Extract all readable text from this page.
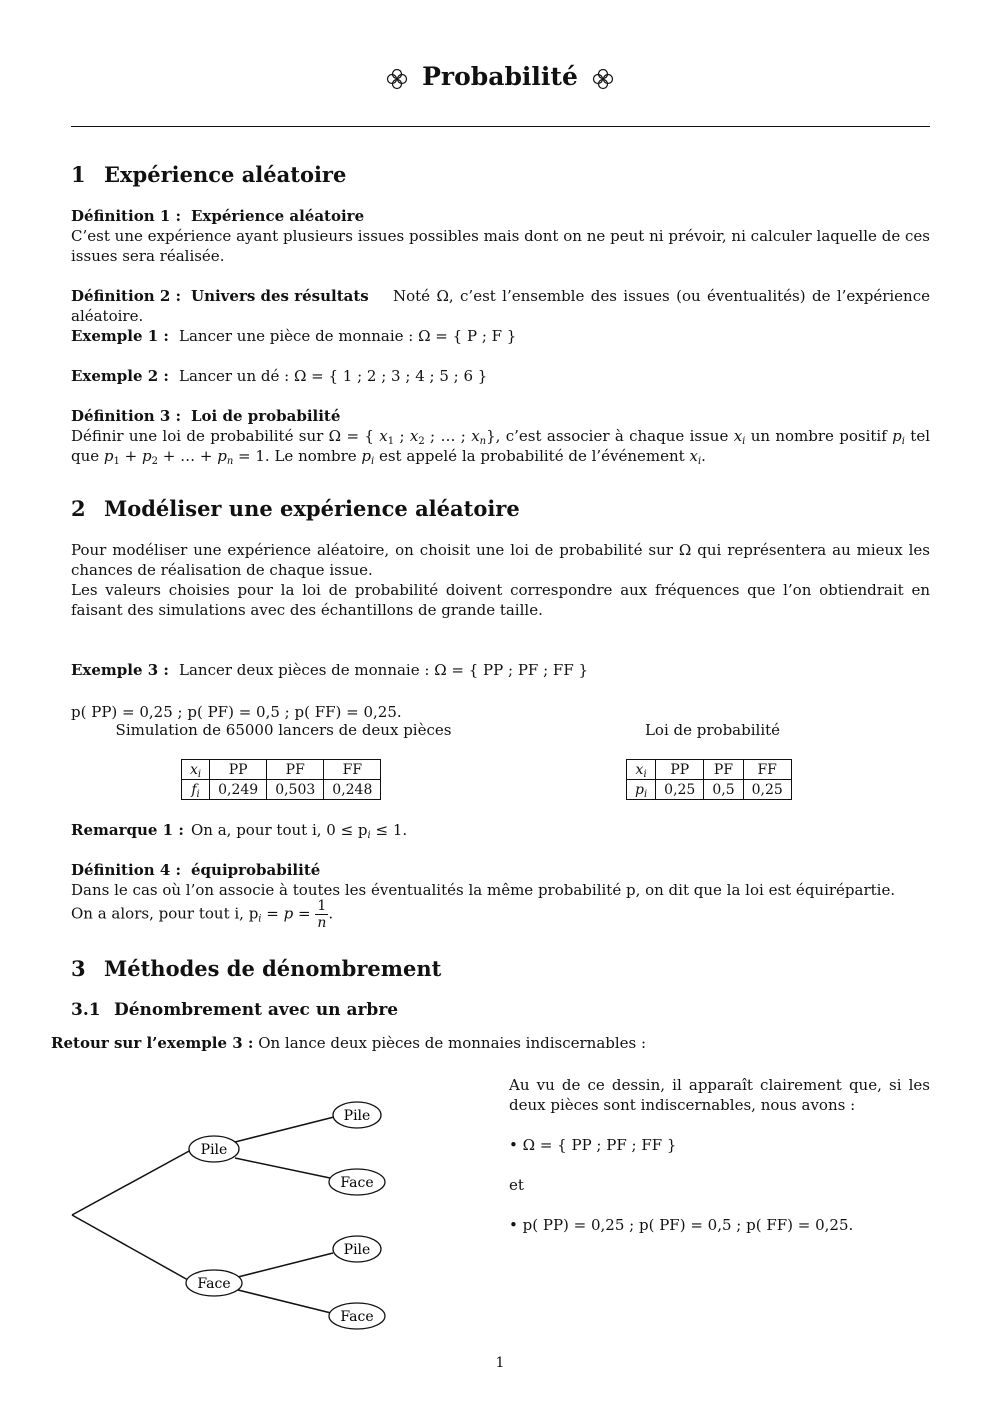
Probabilité
1 Expérience aléatoire
Définition 1 : Expérience aléatoire
C’est une expérience ayant plusieurs issues possibles mais dont on ne peut ni prévoir, ni calculer laquelle de ces issues sera réalisée.
Définition 2 : Univers des résultats Noté Ω, c’est l’ensemble des issues (ou éventualités) de l’expérience aléatoire.
Exemple 1 : Lancer une pièce de monnaie : Ω = { P ; F }
Exemple 2 : Lancer un dé : Ω = { 1 ; 2 ; 3 ; 4 ; 5 ; 6 }
Définition 3 : Loi de probabilité
Définir une loi de probabilité sur Ω = { $x_1$ ; $x_2$ ; … ; $x_n$}, c’est associer à chaque issue $x_i$ un nombre positif $p_i$ tel que $p_1 + p_2$ + … + $p_n = 1$. Le nombre $p_i$ est appelé la probabilité de l’événement $x_i$.
2 Modéliser une expérience aléatoire
Pour modéliser une expérience aléatoire, on choisit une loi de probabilité sur Ω qui représentera au mieux les chances de réalisation de chaque issue.
Les valeurs choisies pour la loi de probabilité doivent correspondre aux fréquences que l’on obtiendrait en faisant des simulations avec des échantillons de grande taille.
Exemple 3 : Lancer deux pièces de monnaie : Ω = { PP ; PF ; FF }
p( PP) = 0,25 ; p( PF) = 0,5 ; p( FF) = 0,25.
Simulation de 65000 lancers de deux pièces	Loi de probabilité
$x_i$	PP	PF	FF
$f_i$	0,249	0,503	0,248
$x_i$	PP	PF	FF
$p_i$	0,25	0,5	0,25
Remarque 1 : On a, pour tout i, $0 \le p_i \le 1$.
Définition 4 : équiprobabilité
Dans le cas où l’on associe à toutes les éventualités la même probabilité p, on dit que la loi est équirépartie.
On a alors, pour tout i, $p_i = p = \frac{1}{n}$ .
3 Méthodes de dénombrement
3.1 Dénombrement avec un arbre
Retour sur l’exemple 3 : On lance deux pièces de monnaies indiscernables :
Pile
Face
Pile
Face
Pile
Face
Au vu de ce dessin, il apparaît clairement que, si les deux pièces sont indiscernables, nous avons :
• Ω = { PP ; PF ; FF }
et
• p( PP) = 0,25 ; p( PF) = 0,5 ; p( FF) = 0,25.
1
